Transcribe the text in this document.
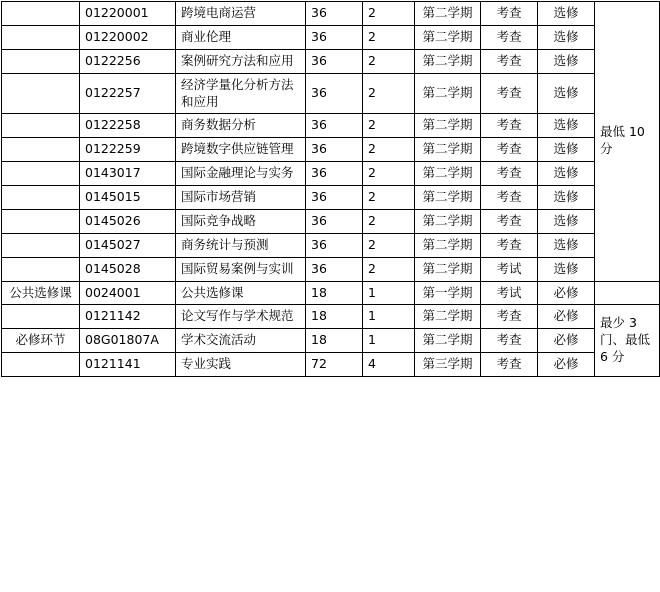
	01220001	跨境电商运营	36	2	第二学期	考查	选修	最低 10 分
	01220002	商业伦理	36	2	第二学期	考查	选修	
	0122256	案例研究方法和应用	36	2	第二学期	考查	选修	
	0122257	经济学量化分析方法和应用	36	2	第二学期	考查	选修	
	0122258	商务数据分析	36	2	第二学期	考查	选修	
	0122259	跨境数字供应链管理	36	2	第二学期	考查	选修	
	0143017	国际金融理论与实务	36	2	第二学期	考查	选修	
	0145015	国际市场营销	36	2	第二学期	考查	选修	
	0145026	国际竞争战略	36	2	第二学期	考查	选修	
	0145027	商务统计与预测	36	2	第二学期	考查	选修	
	0145028	国际贸易案例与实训	36	2	第二学期	考试	选修	
公共选修课	0024001	公共选修课	18	1	第一学期	考试	必修	
	0121142	论文写作与学术规范	18	1	第二学期	考查	必修	最少 3 门、最低 6 分
必修环节	08G01807A	学术交流活动	18	1	第二学期	考查	必修	
	0121141	专业实践	72	4	第三学期	考查	必修	
